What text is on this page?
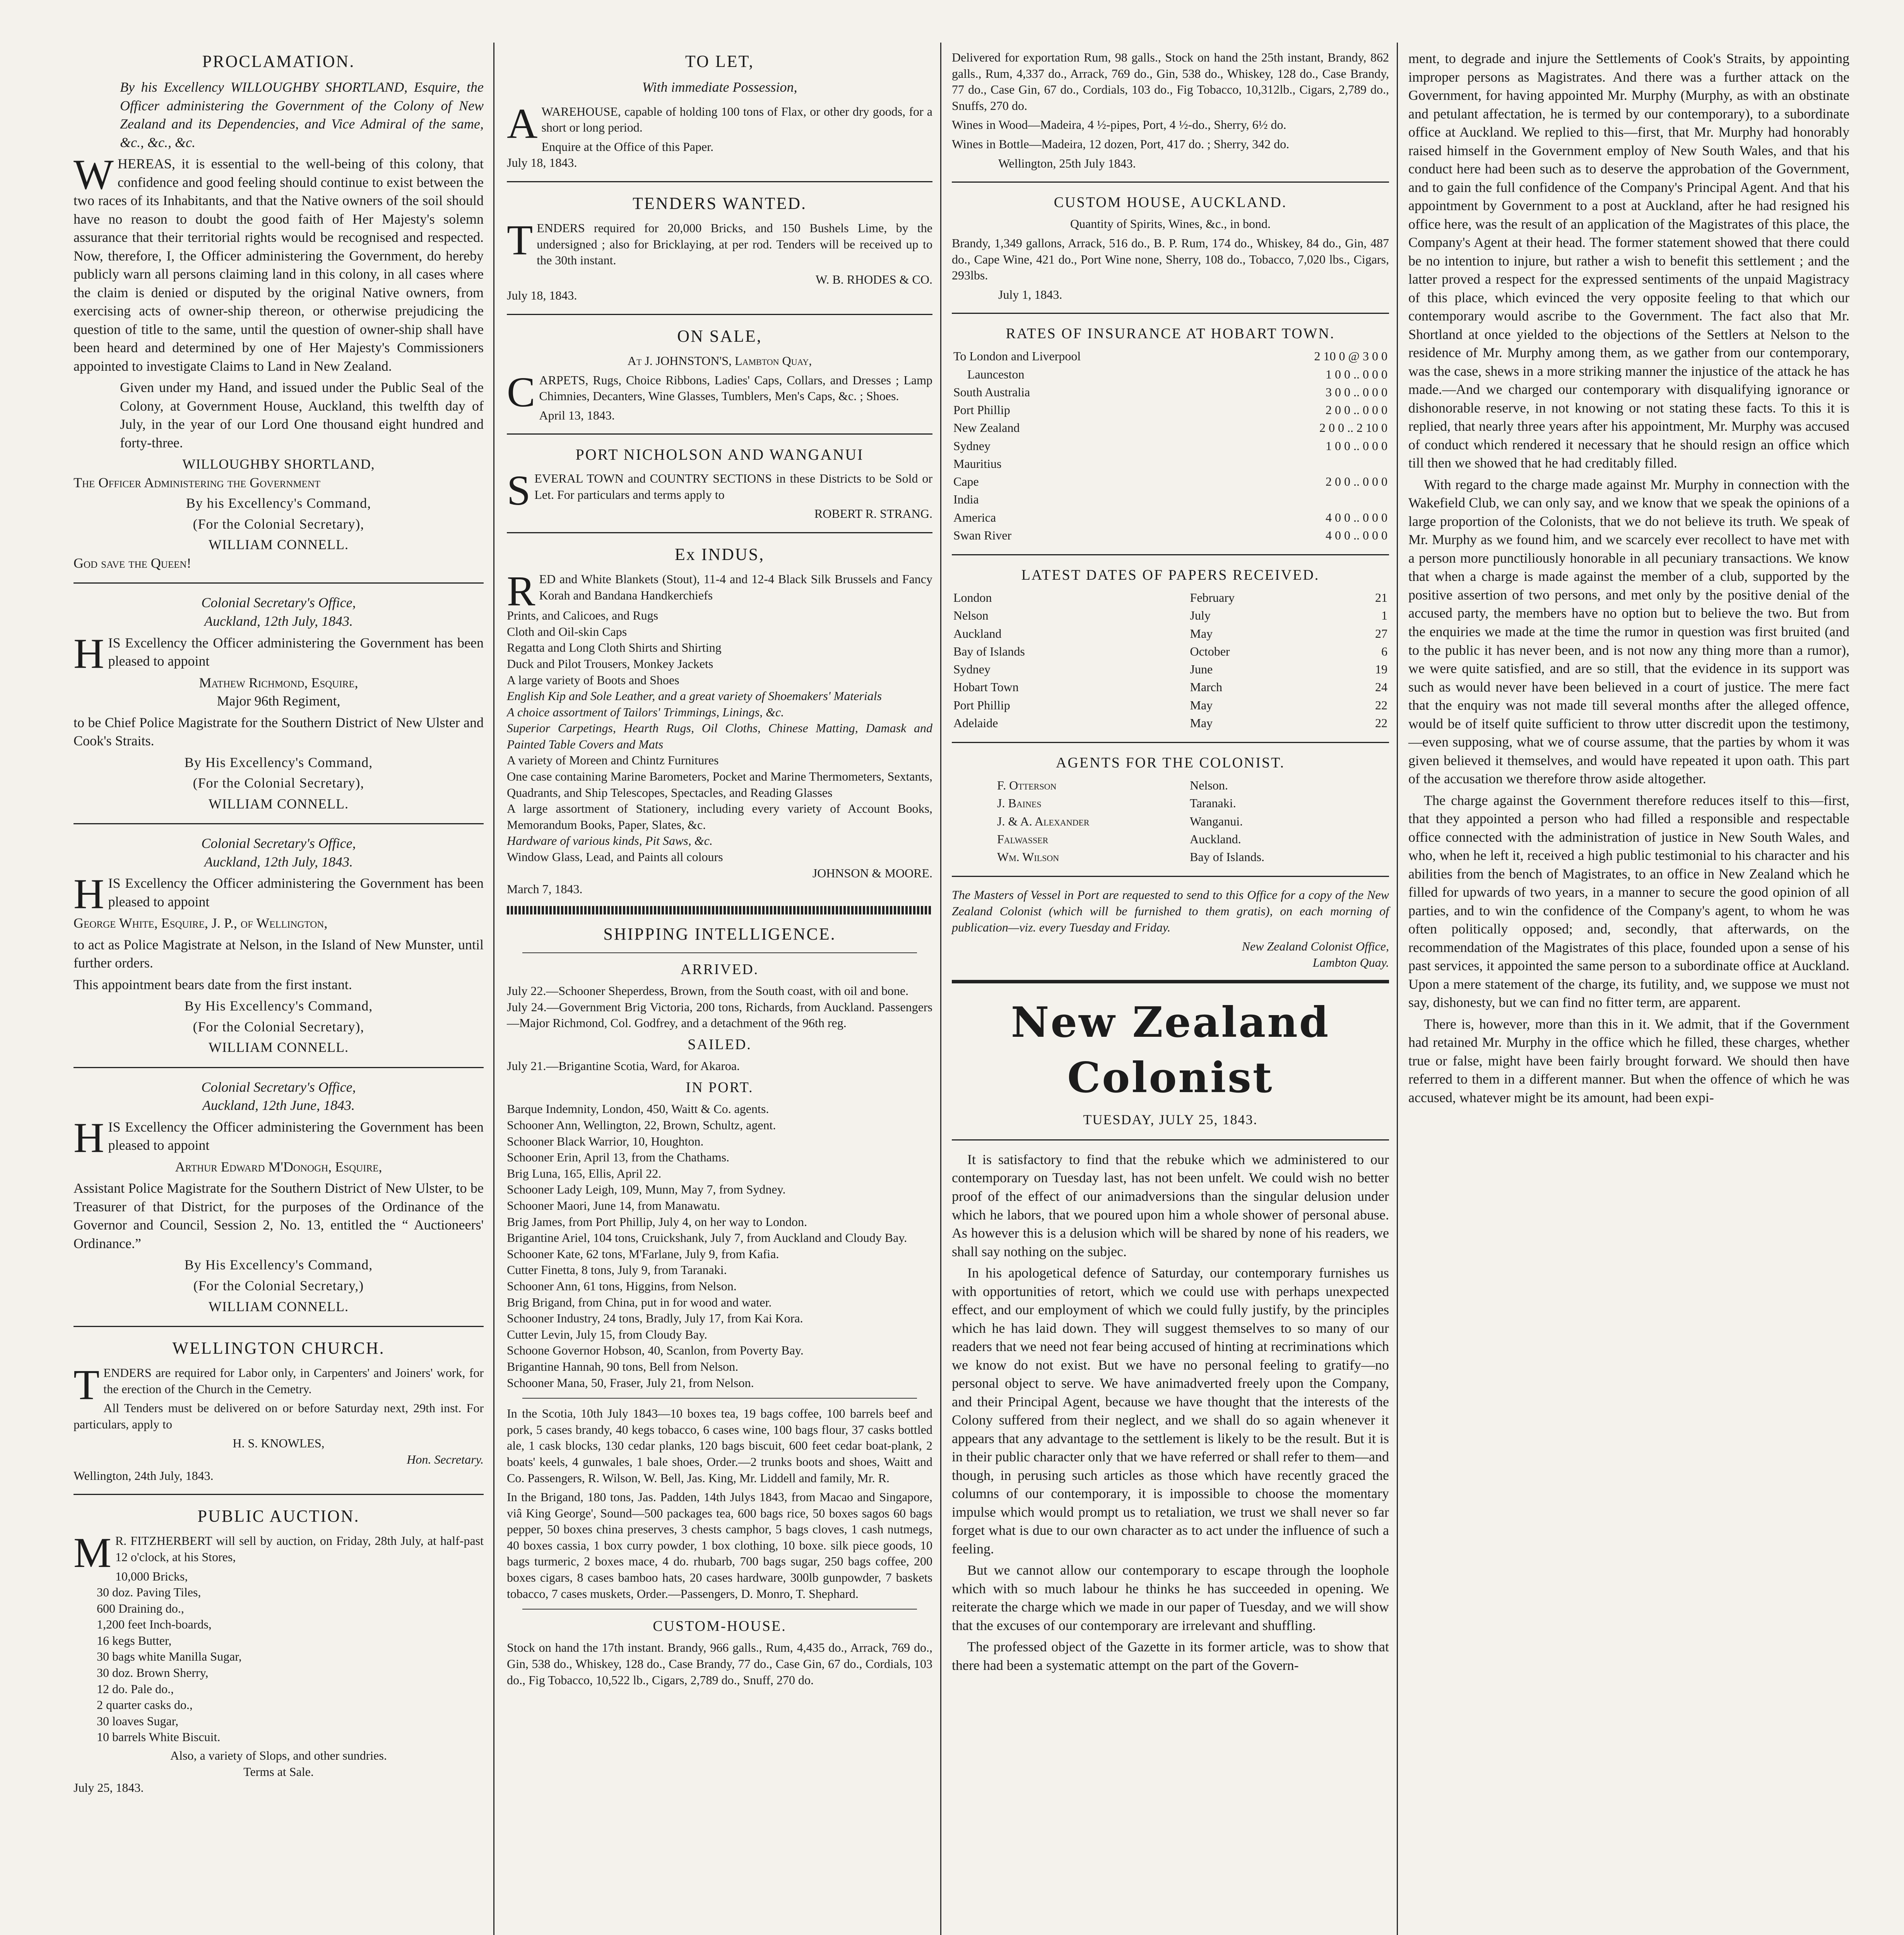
PROCLAMATION.

By his Excellency WILLOUGHBY SHORTLAND, Esquire, the Officer administering the Government of the Colony of New Zealand and its Dependencies, and Vice Admiral of the same, &c., &c., &c.

WHEREAS, it is essential to the well-being of this colony, that confidence and good feeling should continue to exist between the two races of its Inhabitants, and that the Native owners of the soil should have no reason to doubt the good faith of Her Majesty's solemn assurance that their territorial rights would be recognised and respected. Now, therefore, I, the Officer administering the Government, do hereby publicly warn all persons claiming land in this colony, in all cases where the claim is denied or disputed by the original Native owners, from exercising acts of owner-ship thereon, or otherwise prejudicing the question of title to the same, until the question of owner-ship shall have been heard and determined by one of Her Majesty's Commissioners appointed to investigate Claims to Land in New Zealand.

Given under my Hand, and issued under the Public Seal of the Colony, at Government House, Auckland, this twelfth day of July, in the year of our Lord One thousand eight hundred and forty-three.

WILLOUGHBY SHORTLAND,
The Officer Administering the Government
By his Excellency's Command,
(For the Colonial Secretary),
WILLIAM CONNELL.
God save the Queen!
Colonial Secretary's Office,
Auckland, 12th July, 1843.

HIS Excellency the Officer administering the Government has been pleased to appoint

Mathew Richmond, Esquire,
Major 96th Regiment,

to be Chief Police Magistrate for the Southern District of New Ulster and Cook's Straits.

By His Excellency's Command,
(For the Colonial Secretary),
WILLIAM CONNELL.
Colonial Secretary's Office,
Auckland, 12th July, 1843.

HIS Excellency the Officer administering the Government has been pleased to appoint

George White, Esquire, J. P., of Wellington,

to act as Police Magistrate at Nelson, in the Island of New Munster, until further orders.

This appointment bears date from the first instant.

By His Excellency's Command,
(For the Colonial Secretary),
WILLIAM CONNELL.
Colonial Secretary's Office,
Auckland, 12th June, 1843.

HIS Excellency the Officer administering the Government has been pleased to appoint

Arthur Edward M'Donogh, Esquire,

Assistant Police Magistrate for the Southern District of New Ulster, to be Treasurer of that District, for the purposes of the Ordinance of the Governor and Council, Session 2, No. 13, entitled the “ Auctioneers' Ordinance.”

By His Excellency's Command,
(For the Colonial Secretary,)
WILLIAM CONNELL.
WELLINGTON CHURCH.

TENDERS are required for Labor only, in Carpenters' and Joiners' work, for the erection of the Church in the Cemetry.

All Tenders must be delivered on or before Saturday next, 29th inst. For particulars, apply to

H. S. KNOWLES,
Hon. Secretary.
Wellington, 24th July, 1843.
PUBLIC AUCTION.

M R. FITZHERBERT will sell by auction, on Friday, 28th July, at half-past 12 o'clock, at his Stores,

10,000 Bricks,
30 doz. Paving Tiles,
600 Draining do.,
1,200 feet Inch-boards,
16 kegs Butter,
30 bags white Manilla Sugar,
30 doz. Brown Sherry,
12 do. Pale do.,
2 quarter casks do.,
30 loaves Sugar,
10 barrels White Biscuit.
Also, a variety of Slops, and other sundries.
Terms at Sale.
July 25, 1843.
TO LET,
With immediate Possession,

AWAREHOUSE, capable of holding 100 tons of Flax, or other dry goods, for a short or long period.

Enquire at the Office of this Paper.
July 18, 1843.
TENDERS WANTED.

TENDERS required for 20,000 Bricks, and 150 Bushels Lime, by the undersigned ; also for Bricklaying, at per rod. Tenders will be received up to the 30th instant.

W. B. RHODES & CO.
July 18, 1843.
ON SALE,
At J. JOHNSTON'S, Lambton Quay,

CARPETS, Rugs, Choice Ribbons, Ladies' Caps, Collars, and Dresses ; Lamp Chimnies, Decanters, Wine Glasses, Tumblers, Men's Caps, &c. ; Shoes.

April 13, 1843.
PORT NICHOLSON AND WANGANUI

SEVERAL TOWN and COUNTRY SECTIONS in these Districts to be Sold or Let. For particulars and terms apply to

ROBERT R. STRANG.
Ex INDUS,

RED and White Blankets (Stout), 11-4 and 12-4 Black Silk Brussels and Fancy Korah and Bandana Handkerchiefs

Prints, and Calicoes, and Rugs
Cloth and Oil-skin Caps
Regatta and Long Cloth Shirts and Shirting
Duck and Pilot Trousers, Monkey Jackets
A large variety of Boots and Shoes
English Kip and Sole Leather, and a great variety of Shoemakers' Materials
A choice assortment of Tailors' Trimmings, Linings, &c.
Superior Carpetings, Hearth Rugs, Oil Cloths, Chinese Matting, Damask and Painted Table Covers and Mats
A variety of Moreen and Chintz Furnitures
One case containing Marine Barometers, Pocket and Marine Thermometers, Sextants, Quadrants, and Ship Telescopes, Spectacles, and Reading Glasses
A large assortment of Stationery, including every variety of Account Books, Memorandum Books, Paper, Slates, &c.
Hardware of various kinds, Pit Saws, &c.
Window Glass, Lead, and Paints all colours
JOHNSON & MOORE.
March 7, 1843.
SHIPPING INTELLIGENCE.
ARRIVED.
July 22.—Schooner Sheperdess, Brown, from the South coast, with oil and bone.
July 24.—Government Brig Victoria, 200 tons, Richards, from Auckland. Passengers—Major Richmond, Col. Godfrey, and a detachment of the 96th reg.
SAILED.
July 21.—Brigantine Scotia, Ward, for Akaroa.
IN PORT.
Barque Indemnity, London, 450, Waitt & Co. agents.
Schooner Ann, Wellington, 22, Brown, Schultz, agent.
Schooner Black Warrior, 10, Houghton.
Schooner Erin, April 13, from the Chathams.
Brig Luna, 165, Ellis, April 22.
Schooner Lady Leigh, 109, Munn, May 7, from Sydney.
Schooner Maori, June 14, from Manawatu.
Brig James, from Port Phillip, July 4, on her way to London.
Brigantine Ariel, 104 tons, Cruickshank, July 7, from Auckland and Cloudy Bay.
Schooner Kate, 62 tons, M'Farlane, July 9, from Kafia.
Cutter Finetta, 8 tons, July 9, from Taranaki.
Schooner Ann, 61 tons, Higgins, from Nelson.
Brig Brigand, from China, put in for wood and water.
Schooner Industry, 24 tons, Bradly, July 17, from Kai Kora.
Cutter Levin, July 15, from Cloudy Bay.
Schoone Governor Hobson, 40, Scanlon, from Poverty Bay.
Brigantine Hannah, 90 tons, Bell from Nelson.
Schooner Mana, 50, Fraser, July 21, from Nelson.

In the Scotia, 10th July 1843—10 boxes tea, 19 bags coffee, 100 barrels beef and pork, 5 cases brandy, 40 kegs tobacco, 6 cases wine, 100 bags flour, 37 casks bottled ale, 1 cask blocks, 130 cedar planks, 120 bags biscuit, 600 feet cedar boat-plank, 2 boats' keels, 4 gunwales, 1 bale shoes, Order.—2 trunks boots and shoes, Waitt and Co. Passengers, R. Wilson, W. Bell, Jas. King, Mr. Liddell and family, Mr. R.

In the Brigand, 180 tons, Jas. Padden, 14th Julys 1843, from Macao and Singapore, viâ King George', Sound—500 packages tea, 600 bags rice, 50 boxes sagos 60 bags pepper, 50 boxes china preserves, 3 chests camphor, 5 bags cloves, 1 cash nutmegs, 40 boxes cassia, 1 box curry powder, 1 box clothing, 10 boxe. silk piece goods, 10 bags turmeric, 2 boxes mace, 4 do. rhubarb, 700 bags sugar, 250 bags coffee, 200 boxes cigars, 8 cases bamboo hats, 20 cases hardware, 300lb gunpowder, 7 baskets tobacco, 7 cases muskets, Order.—Passengers, D. Monro, T. Shephard.

CUSTOM-HOUSE.

Stock on hand the 17th instant. Brandy, 966 galls., Rum, 4,435 do., Arrack, 769 do., Gin, 538 do., Whiskey, 128 do., Case Brandy, 77 do., Case Gin, 67 do., Cordials, 103 do., Fig Tobacco, 10,522 lb., Cigars, 2,789 do., Snuff, 270 do.

Delivered for exportation Rum, 98 galls., Stock on hand the 25th instant, Brandy, 862 galls., Rum, 4,337 do., Arrack, 769 do., Gin, 538 do., Whiskey, 128 do., Case Brandy, 77 do., Case Gin, 67 do., Cordials, 103 do., Fig Tobacco, 10,312lb., Cigars, 2,789 do., Snuffs, 270 do.

Wines in Wood—Madeira, 4 ½-pipes, Port, 4 ½-do., Sherry, 6½ do.

Wines in Bottle—Madeira, 12 dozen, Port, 417 do. ; Sherry, 342 do.

Wellington, 25th July 1843.
CUSTOM HOUSE, AUCKLAND.
Quantity of Spirits, Wines, &c., in bond.

Brandy, 1,349 gallons, Arrack, 516 do., B. P. Rum, 174 do., Whiskey, 84 do., Gin, 487 do., Cape Wine, 421 do., Port Wine none, Sherry, 108 do., Tobacco, 7,020 lbs., Cigars, 293lbs.

July 1, 1843.
RATES OF INSURANCE AT HOBART TOWN.
To London and Liverpool	2 10 0 @ 3 0 0
Launceston	1 0 0 .. 0 0 0
South Australia	3 0 0 .. 0 0 0
Port Phillip	2 0 0 .. 0 0 0
New Zealand	2 0 0 .. 2 10 0
Sydney	1 0 0 .. 0 0 0
Mauritius	
Cape	2 0 0 .. 0 0 0
India	
America	4 0 0 .. 0 0 0
Swan River	4 0 0 .. 0 0 0
LATEST DATES OF PAPERS RECEIVED.
London	February	21
Nelson	July	1
Auckland	May	27
Bay of Islands	October	6
Sydney	June	19
Hobart Town	March	24
Port Phillip	May	22
Adelaide	May	22
AGENTS FOR THE COLONIST.
F. Otterson	Nelson.
J. Baines	Taranaki.
J. & A. Alexander	Wanganui.
Falwasser	Auckland.
Wm. Wilson	Bay of Islands.

The Masters of Vessel in Port are requested to send to this Office for a copy of the New Zealand Colonist (which will be furnished to them gratis), on each morning of publication—viz. every Tuesday and Friday.

New Zealand Colonist Office,
Lambton Quay.
New Zealand Colonist
TUESDAY, JULY 25, 1843.

It is satisfactory to find that the rebuke which we administered to our contemporary on Tuesday last, has not been unfelt. We could wish no better proof of the effect of our animadversions than the singular delusion under which he labors, that we poured upon him a whole shower of personal abuse. As however this is a delusion which will be shared by none of his readers, we shall say nothing on the subjec.

In his apologetical defence of Saturday, our contemporary furnishes us with opportunities of retort, which we could use with perhaps unexpected effect, and our employment of which we could fully justify, by the principles which he has laid down. They will suggest themselves to so many of our readers that we need not fear being accused of hinting at recriminations which we know do not exist. But we have no personal feeling to gratify—no personal object to serve. We have animadverted freely upon the Company, and their Principal Agent, because we have thought that the interests of the Colony suffered from their neglect, and we shall do so again whenever it appears that any advantage to the settlement is likely to be the result. But it is in their public character only that we have referred or shall refer to them—and though, in perusing such articles as those which have recently graced the columns of our contemporary, it is impossible to choose the momentary impulse which would prompt us to retaliation, we trust we shall never so far forget what is due to our own character as to act under the influence of such a feeling.

But we cannot allow our contemporary to escape through the loophole which with so much labour he thinks he has succeeded in opening. We reiterate the charge which we made in our paper of Tuesday, and we will show that the excuses of our contemporary are irrelevant and shuffling.

The professed object of the Gazette in its former article, was to show that there had been a systematic attempt on the part of the Govern-

ment, to degrade and injure the Settlements of Cook's Straits, by appointing improper persons as Magistrates. And there was a further attack on the Government, for having appointed Mr. Murphy (Murphy, as with an obstinate and petulant affectation, he is termed by our contemporary), to a subordinate office at Auckland. We replied to this—first, that Mr. Murphy had honorably raised himself in the Government employ of New South Wales, and that his conduct here had been such as to deserve the approbation of the Government, and to gain the full confidence of the Company's Principal Agent. And that his appointment by Government to a post at Auckland, after he had resigned his office here, was the result of an application of the Magistrates of this place, the Company's Agent at their head. The former statement showed that there could be no intention to injure, but rather a wish to benefit this settlement ; and the latter proved a respect for the expressed sentiments of the unpaid Magistracy of this place, which evinced the very opposite feeling to that which our contemporary would ascribe to the Government. The fact also that Mr. Shortland at once yielded to the objections of the Settlers at Nelson to the residence of Mr. Murphy among them, as we gather from our contemporary, was the case, shews in a more striking manner the injustice of the attack he has made.—And we charged our contemporary with disqualifying ignorance or dishonorable reserve, in not knowing or not stating these facts. To this it is replied, that nearly three years after his appointment, Mr. Murphy was accused of conduct which rendered it necessary that he should resign an office which till then we showed that he had creditably filled.

With regard to the charge made against Mr. Murphy in connection with the Wakefield Club, we can only say, and we know that we speak the opinions of a large proportion of the Colonists, that we do not believe its truth. We speak of Mr. Murphy as we found him, and we scarcely ever recollect to have met with a person more punctiliously honorable in all pecuniary transactions. We know that when a charge is made against the member of a club, supported by the positive assertion of two persons, and met only by the positive denial of the accused party, the members have no option but to believe the two. But from the enquiries we made at the time the rumor in question was first bruited (and to the public it has never been, and is not now any thing more than a rumor), we were quite satisfied, and are so still, that the evidence in its support was such as would never have been believed in a court of justice. The mere fact that the enquiry was not made till several months after the alleged offence, would be of itself quite sufficient to throw utter discredit upon the testimony,—even supposing, what we of course assume, that the parties by whom it was given believed it themselves, and would have repeated it upon oath. This part of the accusation we therefore throw aside altogether.

The charge against the Government therefore reduces itself to this—first, that they appointed a person who had filled a responsible and respectable office connected with the administration of justice in New South Wales, and who, when he left it, received a high public testimonial to his character and his abilities from the bench of Magistrates, to an office in New Zealand which he filled for upwards of two years, in a manner to secure the good opinion of all parties, and to win the confidence of the Company's agent, to whom he was often politically opposed; and, secondly, that afterwards, on the recommendation of the Magistrates of this place, founded upon a sense of his past services, it appointed the same person to a subordinate office at Auckland. Upon a mere statement of the charge, its futility, and, we suppose we must not say, dishonesty, but we can find no fitter term, are apparent.

There is, however, more than this in it. We admit, that if the Government had retained Mr. Murphy in the office which he filled, these charges, whether true or false, might have been fairly brought forward. We should then have referred to them in a different manner. But when the offence of which he was accused, whatever might be its amount, had been expi-
